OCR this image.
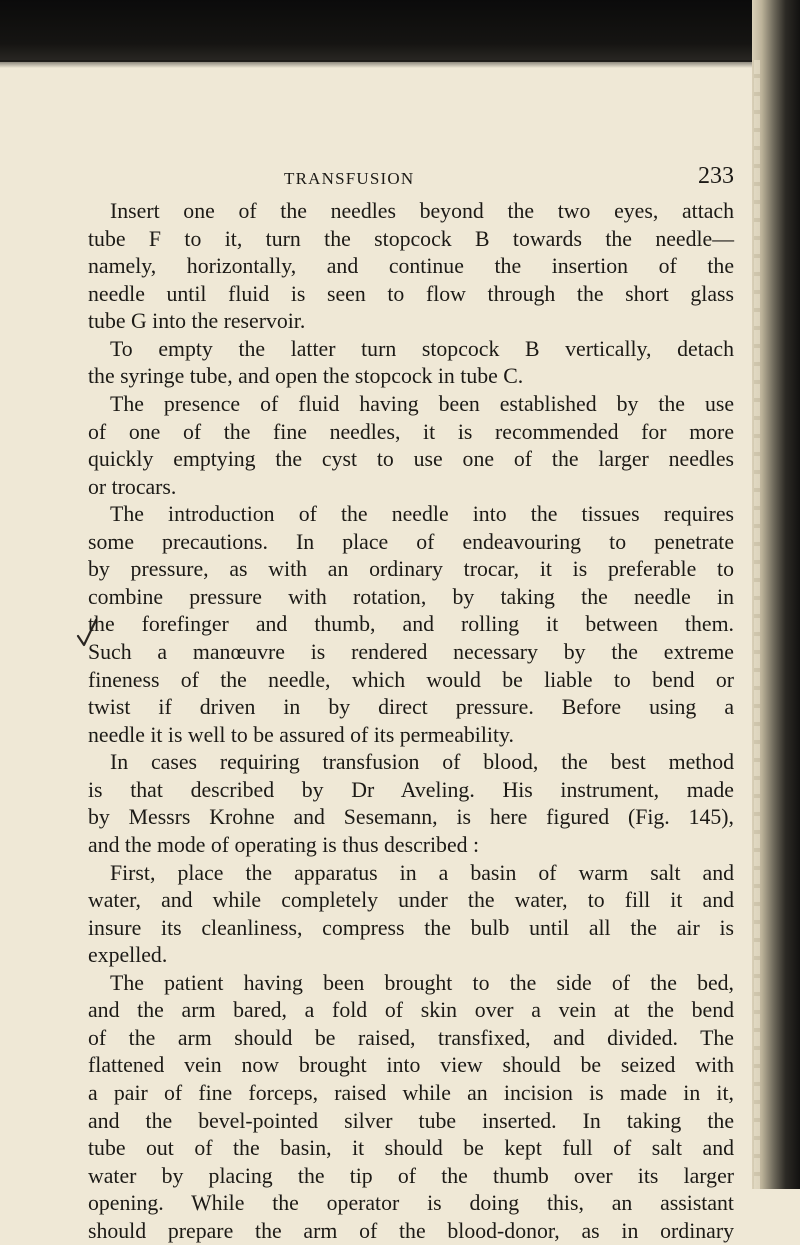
TRANSFUSION	233
Insert one of the needles beyond the two eyes, attach
tube F to it, turn the stopcock B towards the needle—
namely, horizontally, and continue the insertion of the
needle until fluid is seen to flow through the short glass
tube G into the reservoir.
To empty the latter turn stopcock B vertically, detach
the syringe tube, and open the stopcock in tube C.
The presence of fluid having been established by the use
of one of the fine needles, it is recommended for more
quickly emptying the cyst to use one of the larger needles
or trocars.
The introduction of the needle into the tissues requires
some precautions. In place of endeavouring to penetrate
by pressure, as with an ordinary trocar, it is preferable to
combine pressure with rotation, by taking the needle in
the forefinger and thumb, and rolling it between them.
Such a manœuvre is rendered necessary by the extreme
fineness of the needle, which would be liable to bend or
twist if driven in by direct pressure. Before using a
needle it is well to be assured of its permeability.
In cases requiring transfusion of blood, the best method
is that described by Dr Aveling. His instrument, made
by Messrs Krohne and Sesemann, is here figured (Fig. 145),
and the mode of operating is thus described :
First, place the apparatus in a basin of warm salt and
water, and while completely under the water, to fill it and
insure its cleanliness, compress the bulb until all the air is
expelled.
The patient having been brought to the side of the bed,
and the arm bared, a fold of skin over a vein at the bend
of the arm should be raised, transfixed, and divided. The
flattened vein now brought into view should be seized with
a pair of fine forceps, raised while an incision is made in it,
and the bevel-pointed silver tube inserted. In taking the
tube out of the basin, it should be kept full of salt and
water by placing the tip of the thumb over its larger
opening. While the operator is doing this, an assistant
should prepare the arm of the blood-donor, as in ordinary
